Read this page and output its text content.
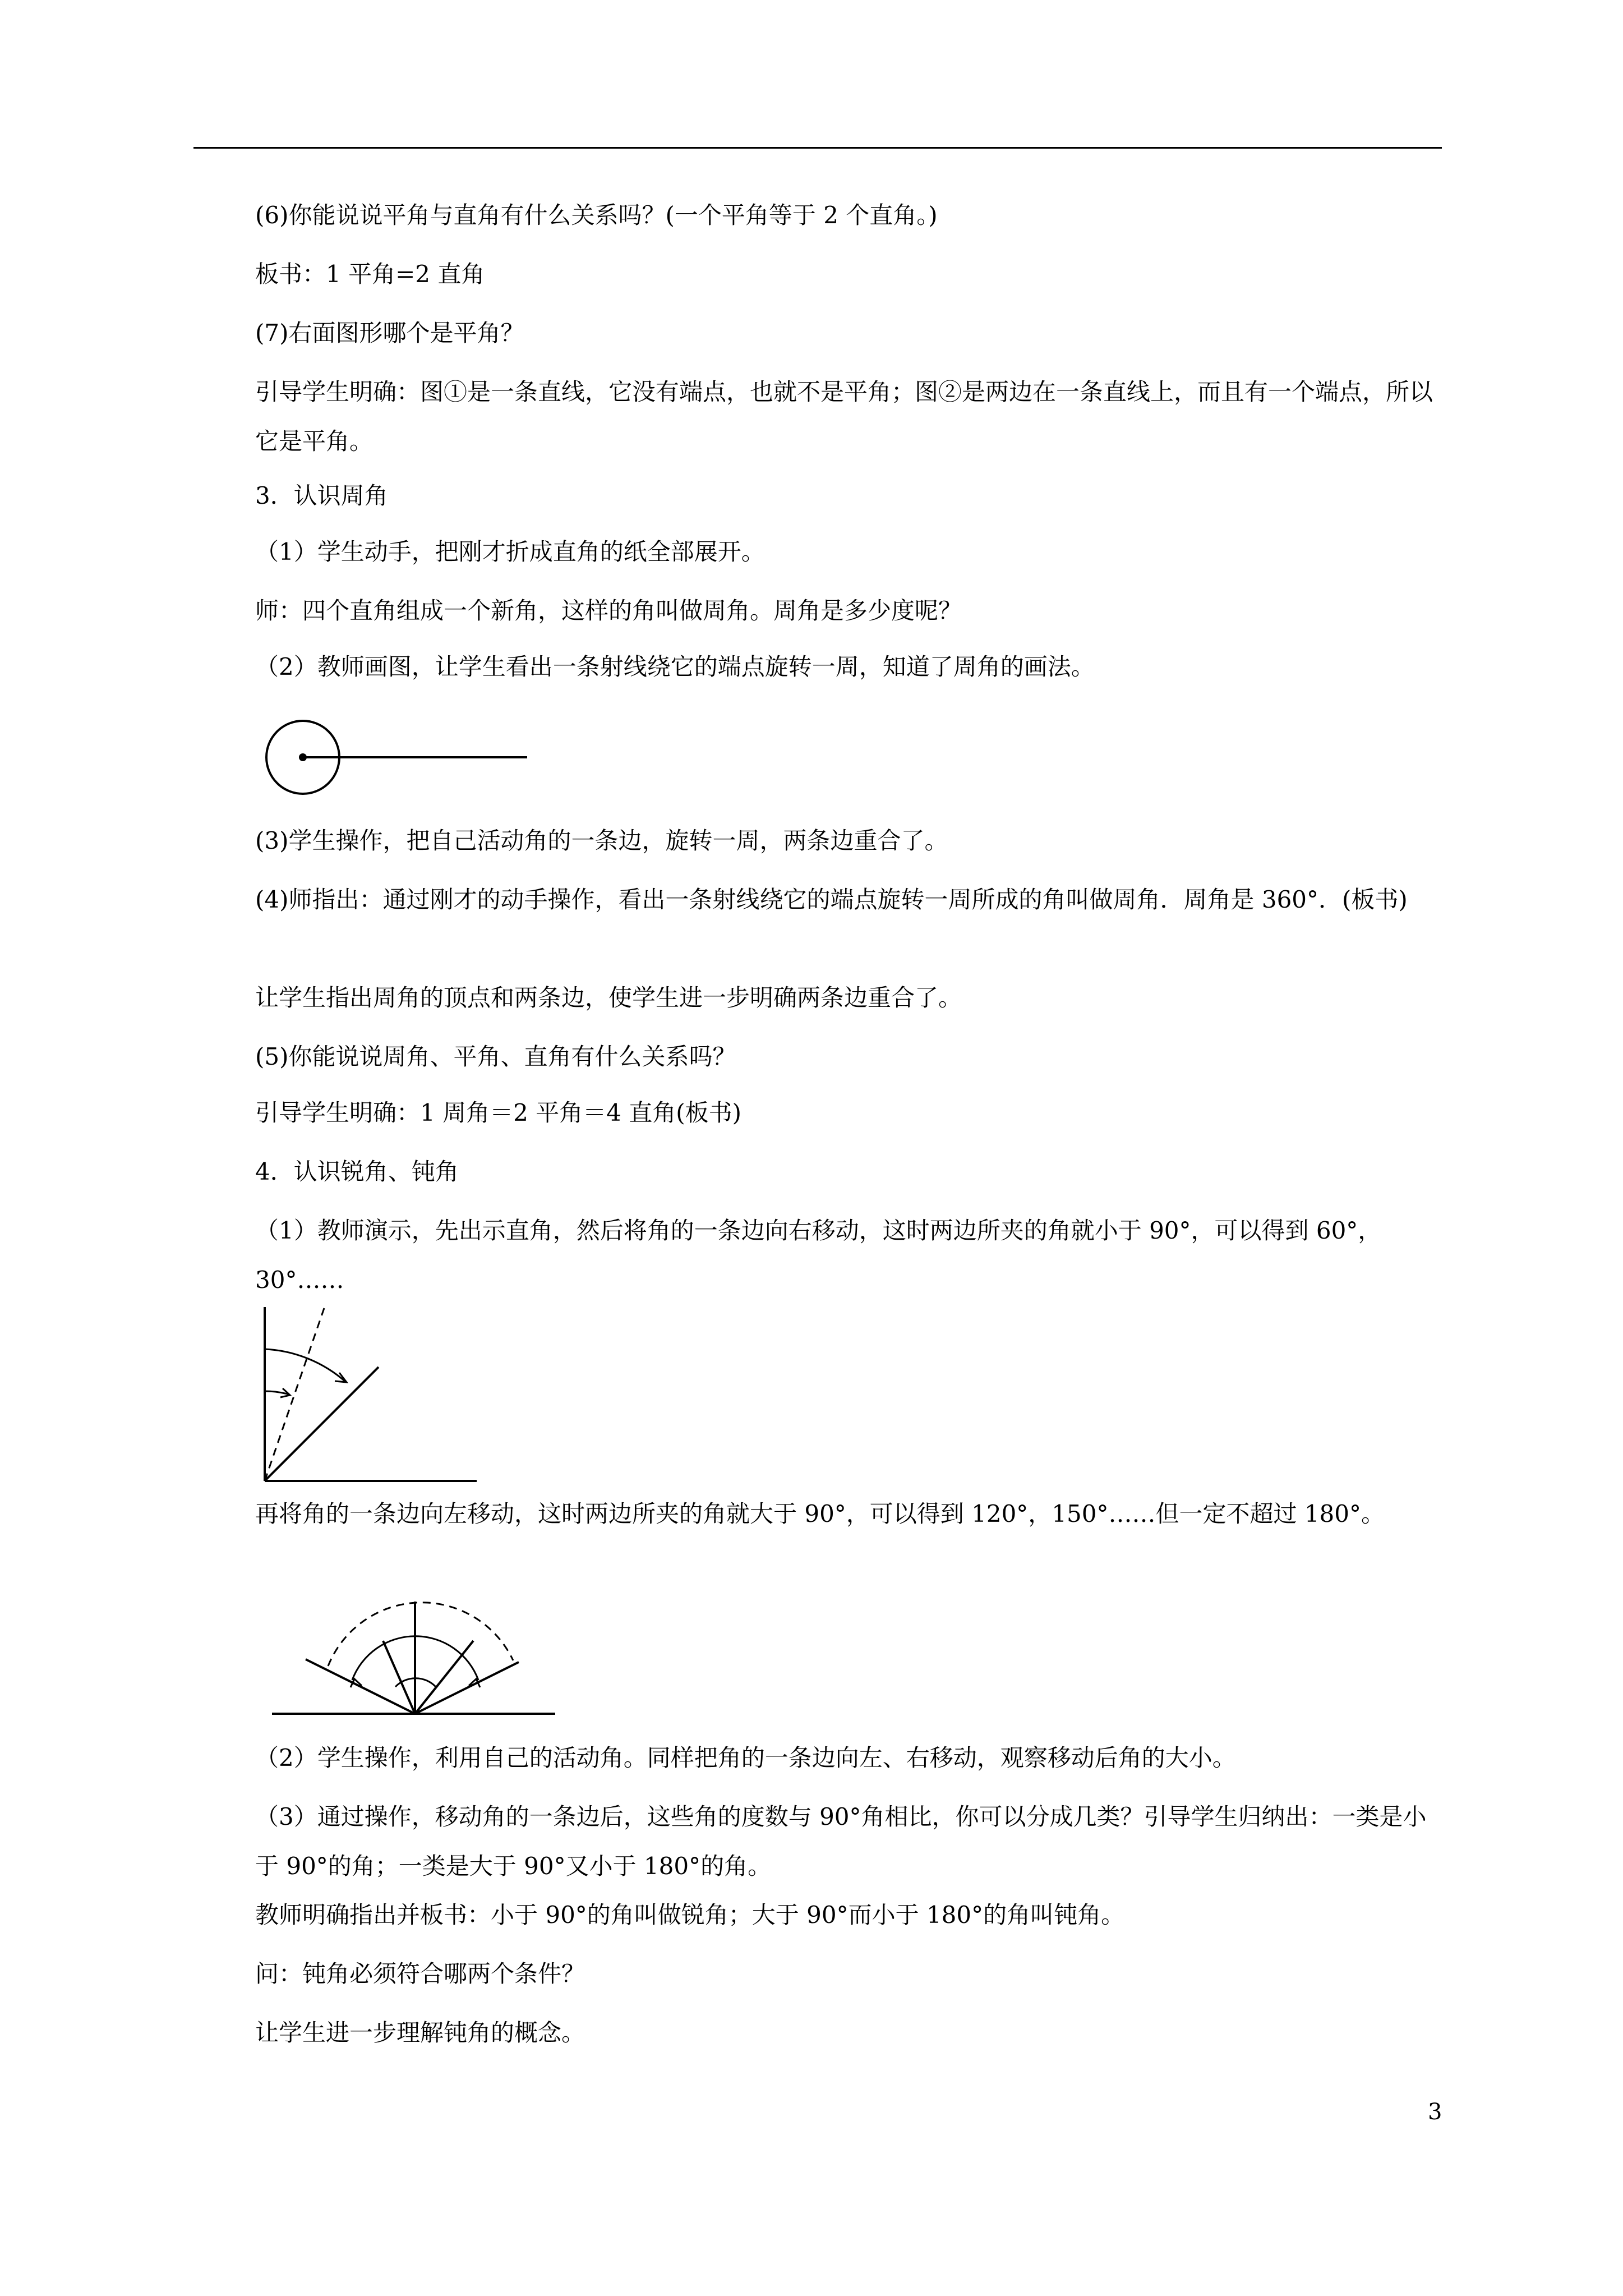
(6)你能说说平角与直角有什么关系吗？(一个平角等于 2 个直角。)

板书：1 平角=2 直角

(7)右面图形哪个是平角？

引导学生明确：图①是一条直线，它没有端点，也就不是平角；图②是两边在一条直线上，而且有一个端点，所以它是平角。

3．认识周角

（1）学生动手，把刚才折成直角的纸全部展开。

师：四个直角组成一个新角，这样的角叫做周角。周角是多少度呢？

（2）教师画图，让学生看出一条射线绕它的端点旋转一周，知道了周角的画法。

(3)学生操作，把自己活动角的一条边，旋转一周，两条边重合了。

(4)师指出：通过刚才的动手操作，看出一条射线绕它的端点旋转一周所成的角叫做周角．周角是 360°．(板书)

让学生指出周角的顶点和两条边，使学生进一步明确两条边重合了。

(5)你能说说周角、平角、直角有什么关系吗？

引导学生明确：1 周角＝2 平角＝4 直角(板书)

4．认识锐角、钝角

（1）教师演示，先出示直角，然后将角的一条边向右移动，这时两边所夹的角就小于 90°，可以得到 60°，30°……

再将角的一条边向左移动，这时两边所夹的角就大于 90°，可以得到 120°，150°……但一定不超过 180°。

（2）学生操作，利用自己的活动角。同样把角的一条边向左、右移动，观察移动后角的大小。

（3）通过操作，移动角的一条边后，这些角的度数与 90°角相比，你可以分成几类？引导学生归纳出：一类是小于 90°的角；一类是大于 90°又小于 180°的角。

教师明确指出并板书：小于 90°的角叫做锐角；大于 90°而小于 180°的角叫钝角。

问：钝角必须符合哪两个条件？

让学生进一步理解钝角的概念。

3
